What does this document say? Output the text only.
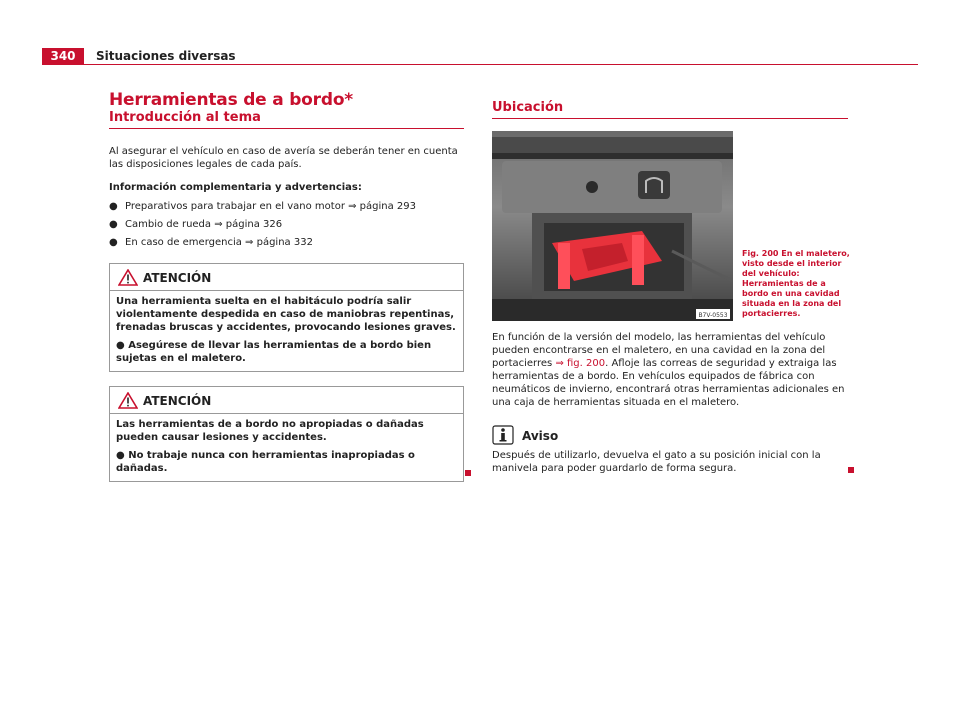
340	Situaciones diversas
Herramientas de a bordo*
Introducción al tema

Al asegurar el vehículo en caso de avería se deberán tener en cuenta las disposiciones legales de cada país.

Información complementaria y advertencias:

● Preparativos para trabajar en el vano motor ⇒ página 293
● Cambio de rueda ⇒ página 326
● En caso de emergencia ⇒ página 332
ATENCIÓN

Una herramienta suelta en el habitáculo podría salir violentamente despedida en caso de maniobras repentinas, frenadas bruscas y accidentes, provocando lesiones graves.

● Asegúrese de llevar las herramientas de a bordo bien sujetas en el maletero.

ATENCIÓN

Las herramientas de a bordo no apropiadas o dañadas pueden causar lesiones y accidentes.

● No trabaje nunca con herramientas inapropiadas o dañadas.

Ubicación
B7V-0553
Fig. 200 En el maletero, visto desde el interior del vehículo: Herramientas de a bordo en una cavidad situada en la zona del portacierres.

En función de la versión del modelo, las herramientas del vehículo pueden encontrarse en el maletero, en una cavidad en la zona del portacierres ⇒ fig. 200. Afloje las correas de seguridad y extraiga las herramientas de a bordo. En vehículos equipados de fábrica con neumáticos de invierno, encontrará otras herramientas adicionales en una caja de herramientas situada en el maletero.

Aviso

Después de utilizarlo, devuelva el gato a su posición inicial con la manivela para poder guardarlo de forma segura.
